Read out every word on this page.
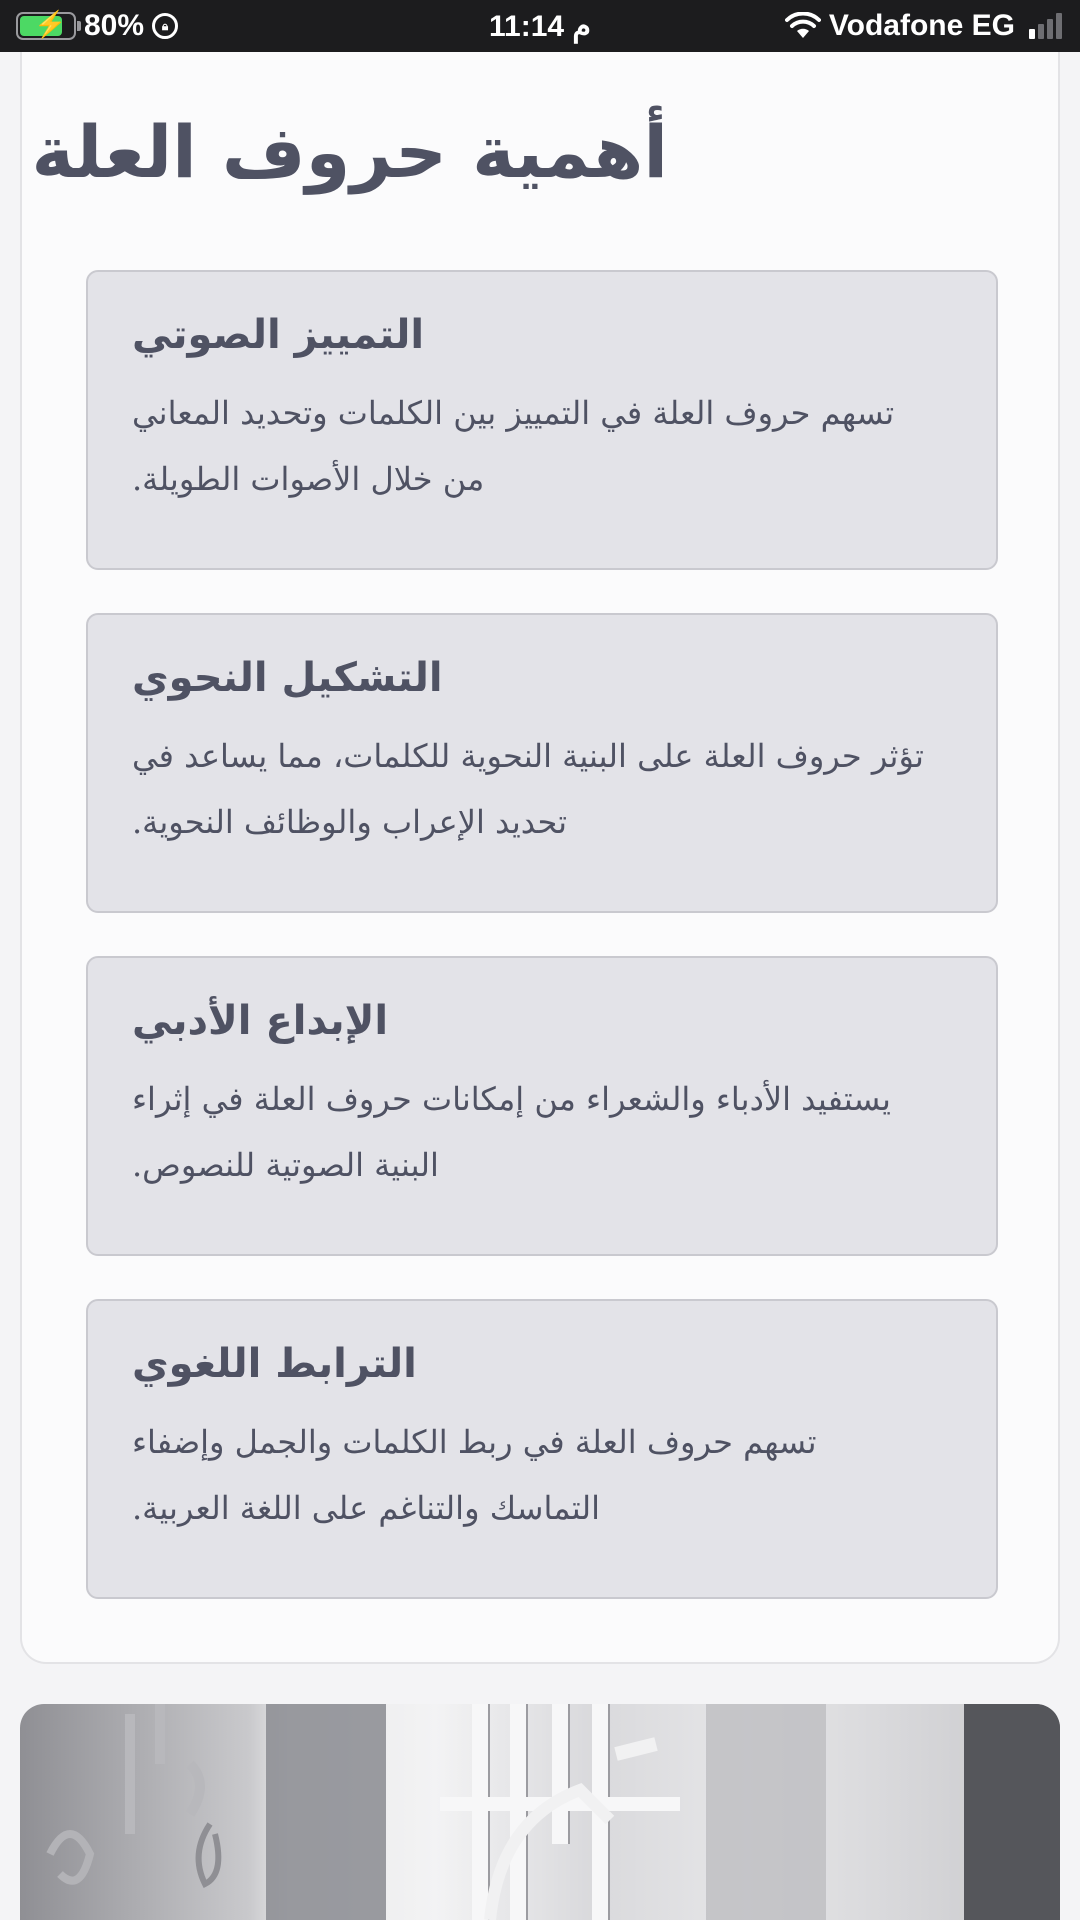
⚡ 80%	🔒︎	م 11:14	Vodafone EG
أهمية حروف العلة
التمييز الصوتي
تسهم حروف العلة في التمييز بين الكلمات وتحديد المعاني
من خلال الأصوات الطويلة.
التشكيل النحوي
تؤثر حروف العلة على البنية النحوية للكلمات، مما يساعد في
تحديد الإعراب والوظائف النحوية.
الإبداع الأدبي
يستفيد الأدباء والشعراء من إمكانات حروف العلة في إثراء
البنية الصوتية للنصوص.
الترابط اللغوي
تسهم حروف العلة في ربط الكلمات والجمل وإضفاء
التماسك والتناغم على اللغة العربية.
